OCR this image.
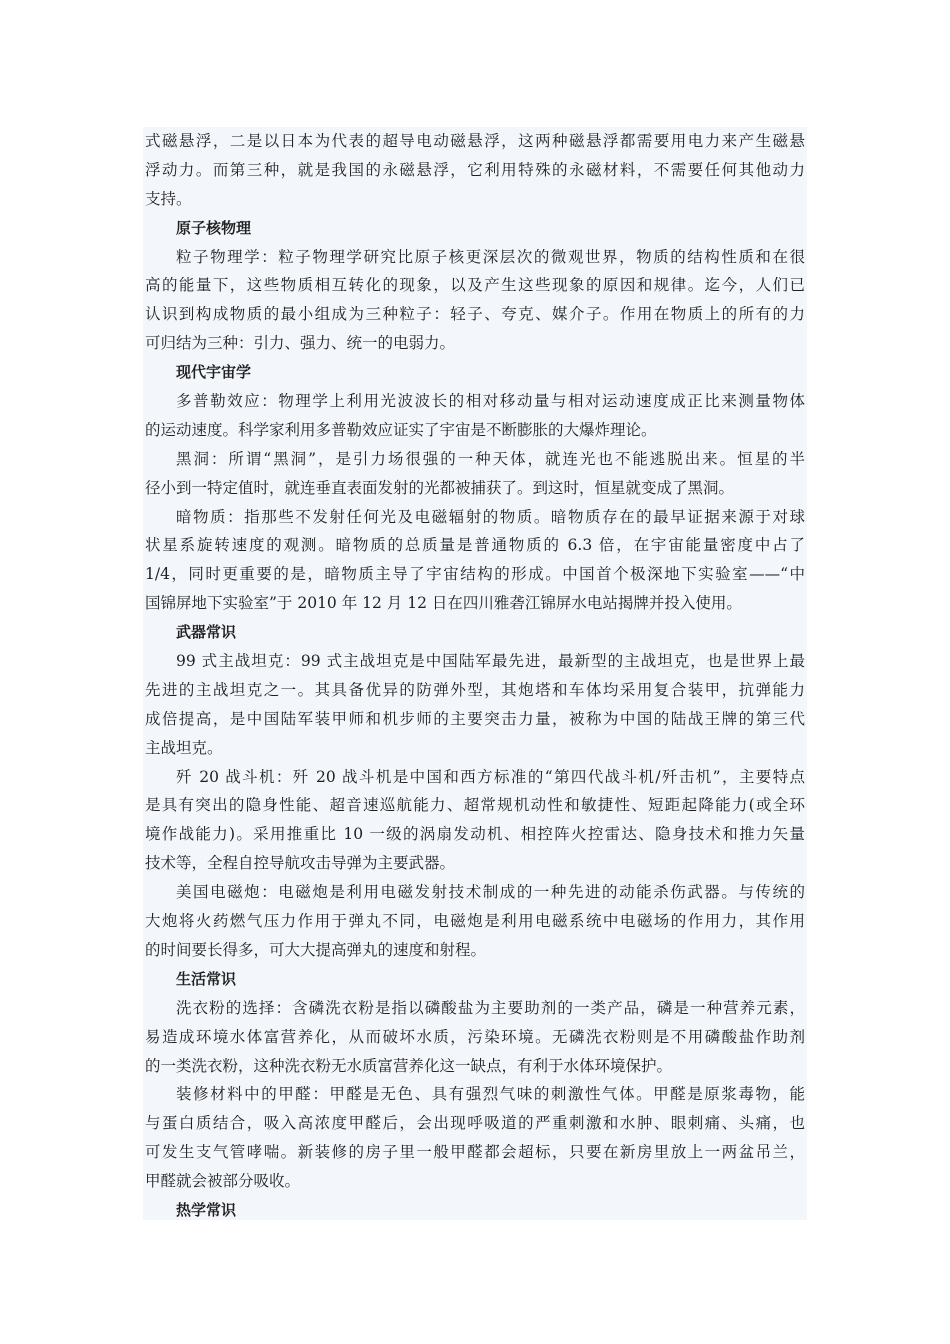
式磁悬浮，二是以日本为代表的超导电动磁悬浮，这两种磁悬浮都需要用电力来产生磁悬
浮动力。而第三种，就是我国的永磁悬浮，它利用特殊的永磁材料，不需要任何其他动力
支持。
原子核物理
粒子物理学：粒子物理学研究比原子核更深层次的微观世界，物质的结构性质和在很
高的能量下，这些物质相互转化的现象，以及产生这些现象的原因和规律。迄今，人们已
认识到构成物质的最小组成为三种粒子：轻子、夸克、媒介子。作用在物质上的所有的力
可归结为三种：引力、强力、统一的电弱力。
现代宇宙学
多普勒效应：物理学上利用光波波长的相对移动量与相对运动速度成正比来测量物体
的运动速度。科学家利用多普勒效应证实了宇宙是不断膨胀的大爆炸理论。
黑洞：所谓“黑洞”，是引力场很强的一种天体，就连光也不能逃脱出来。恒星的半
径小到一特定值时，就连垂直表面发射的光都被捕获了。到这时，恒星就变成了黑洞。
暗物质：指那些不发射任何光及电磁辐射的物质。暗物质存在的最早证据来源于对球
状星系旋转速度的观测。暗物质的总质量是普通物质的 6.3 倍，在宇宙能量密度中占了
1/4，同时更重要的是，暗物质主导了宇宙结构的形成。中国首个极深地下实验室——“中
国锦屏地下实验室”于 2010 年 12 月 12 日在四川雅砻江锦屏水电站揭牌并投入使用。
武器常识
99 式主战坦克：99 式主战坦克是中国陆军最先进，最新型的主战坦克，也是世界上最
先进的主战坦克之一。其具备优异的防弹外型，其炮塔和车体均采用复合装甲，抗弹能力
成倍提高，是中国陆军装甲师和机步师的主要突击力量，被称为中国的陆战王牌的第三代
主战坦克。
歼 20 战斗机：歼 20 战斗机是中国和西方标准的“第四代战斗机/歼击机”，主要特点
是具有突出的隐身性能、超音速巡航能力、超常规机动性和敏捷性、短距起降能力(或全环
境作战能力)。采用推重比 10 一级的涡扇发动机、相控阵火控雷达、隐身技术和推力矢量
技术等，全程自控导航攻击导弹为主要武器。
美国电磁炮：电磁炮是利用电磁发射技术制成的一种先进的动能杀伤武器。与传统的
大炮将火药燃气压力作用于弹丸不同，电磁炮是利用电磁系统中电磁场的作用力，其作用
的时间要长得多，可大大提高弹丸的速度和射程。
生活常识
洗衣粉的选择：含磷洗衣粉是指以磷酸盐为主要助剂的一类产品，磷是一种营养元素，
易造成环境水体富营养化，从而破坏水质，污染环境。无磷洗衣粉则是不用磷酸盐作助剂
的一类洗衣粉，这种洗衣粉无水质富营养化这一缺点，有利于水体环境保护。
装修材料中的甲醛：甲醛是无色、具有强烈气味的刺激性气体。甲醛是原浆毒物，能
与蛋白质结合，吸入高浓度甲醛后，会出现呼吸道的严重刺激和水肿、眼刺痛、头痛，也
可发生支气管哮喘。新装修的房子里一般甲醛都会超标，只要在新房里放上一两盆吊兰，
甲醛就会被部分吸收。
热学常识
